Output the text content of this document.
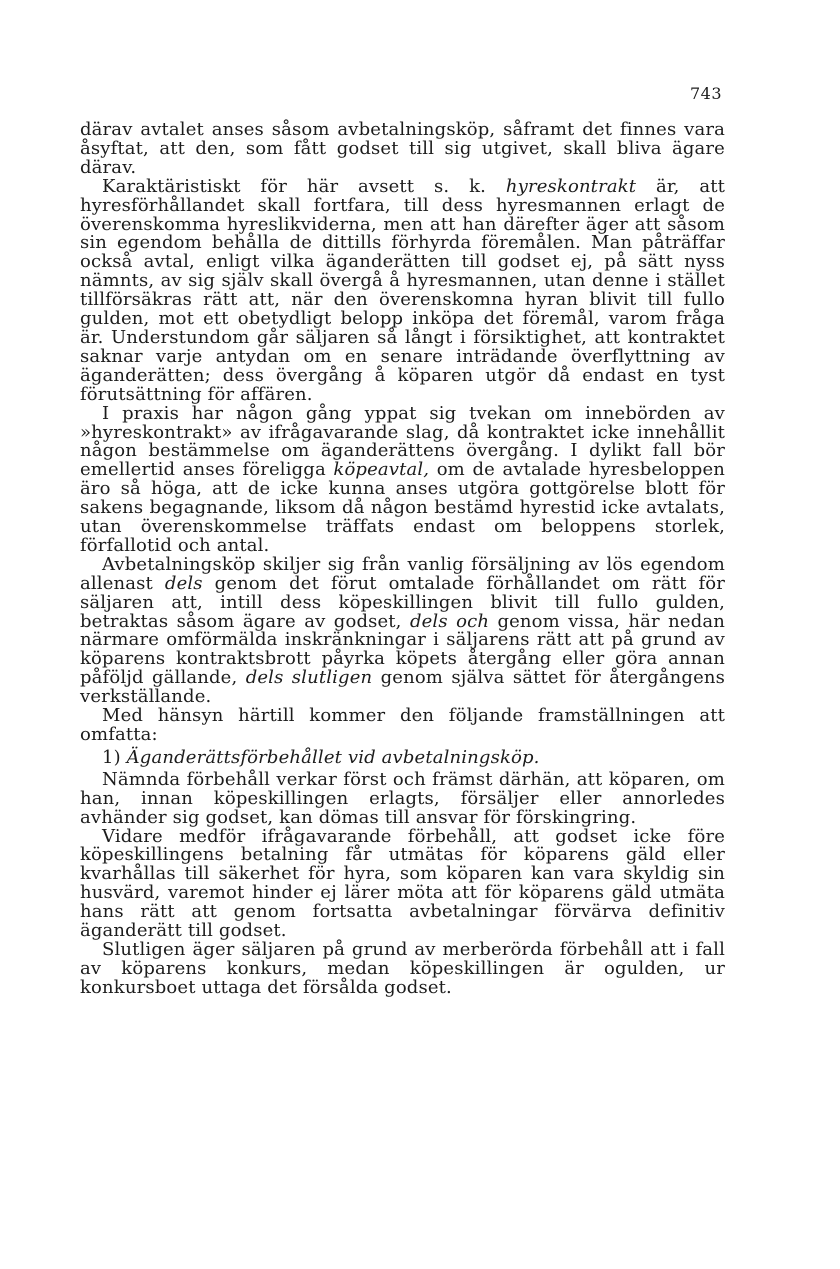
743

därav avtalet anses såsom avbetalningsköp, såframt det finnes vara åsyftat, att den, som fått godset till sig utgivet, skall bliva ägare därav.

Karaktäristiskt för här avsett s. k. hyreskontrakt är, att hyresförhållandet skall fortfara, till dess hyresmannen erlagt de överenskomma hyreslikviderna, men att han därefter äger att såsom sin egendom behålla de dittills förhyrda föremålen. Man påträffar också avtal, enligt vilka äganderätten till godset ej, på sätt nyss nämnts, av sig själv skall övergå å hyresmannen, utan denne i stället tillförsäkras rätt att, när den överenskomna hyran blivit till fullo gulden, mot ett obetydligt belopp inköpa det föremål, varom fråga är. Understundom går säljaren så långt i försiktighet, att kontraktet saknar varje antydan om en senare inträdande överflyttning av äganderätten; dess övergång å köparen utgör då endast en tyst förutsättning för affären.

I praxis har någon gång yppat sig tvekan om innebörden av »hyreskontrakt» av ifrågavarande slag, då kontraktet icke innehållit någon bestämmelse om äganderättens övergång. I dylikt fall bör emellertid anses föreligga köpeavtal, om de avtalade hyresbeloppen äro så höga, att de icke kunna anses utgöra gottgörelse blott för sakens begagnande, liksom då någon bestämd hyrestid icke avtalats, utan överenskommelse träffats endast om beloppens storlek, förfallotid och antal.

Avbetalningsköp skiljer sig från vanlig försäljning av lös egendom allenast dels genom det förut omtalade förhållandet om rätt för säljaren att, intill dess köpeskillingen blivit till fullo gulden, betraktas såsom ägare av godset, dels och genom vissa, här nedan närmare omförmälda inskränkningar i säljarens rätt att på grund av köparens kontraktsbrott påyrka köpets återgång eller göra annan påföljd gällande, dels slutligen genom själva sättet för återgångens verkställande.

Med hänsyn härtill kommer den följande framställningen att omfatta:

1) Äganderättsförbehållet vid avbetalningsköp.

Nämnda förbehåll verkar först och främst därhän, att köparen, om han, innan köpeskillingen erlagts, försäljer eller annorledes avhänder sig godset, kan dömas till ansvar för förskingring.

Vidare medför ifrågavarande förbehåll, att godset icke före köpeskillingens betalning får utmätas för köparens gäld eller kvarhållas till säkerhet för hyra, som köparen kan vara skyldig sin husvärd, varemot hinder ej lärer möta att för köparens gäld utmäta hans rätt att genom fortsatta avbetalningar förvärva definitiv äganderätt till godset.

Slutligen äger säljaren på grund av merberörda förbehåll att i fall av köparens konkurs, medan köpeskillingen är ogulden, ur konkursboet uttaga det försålda godset.
